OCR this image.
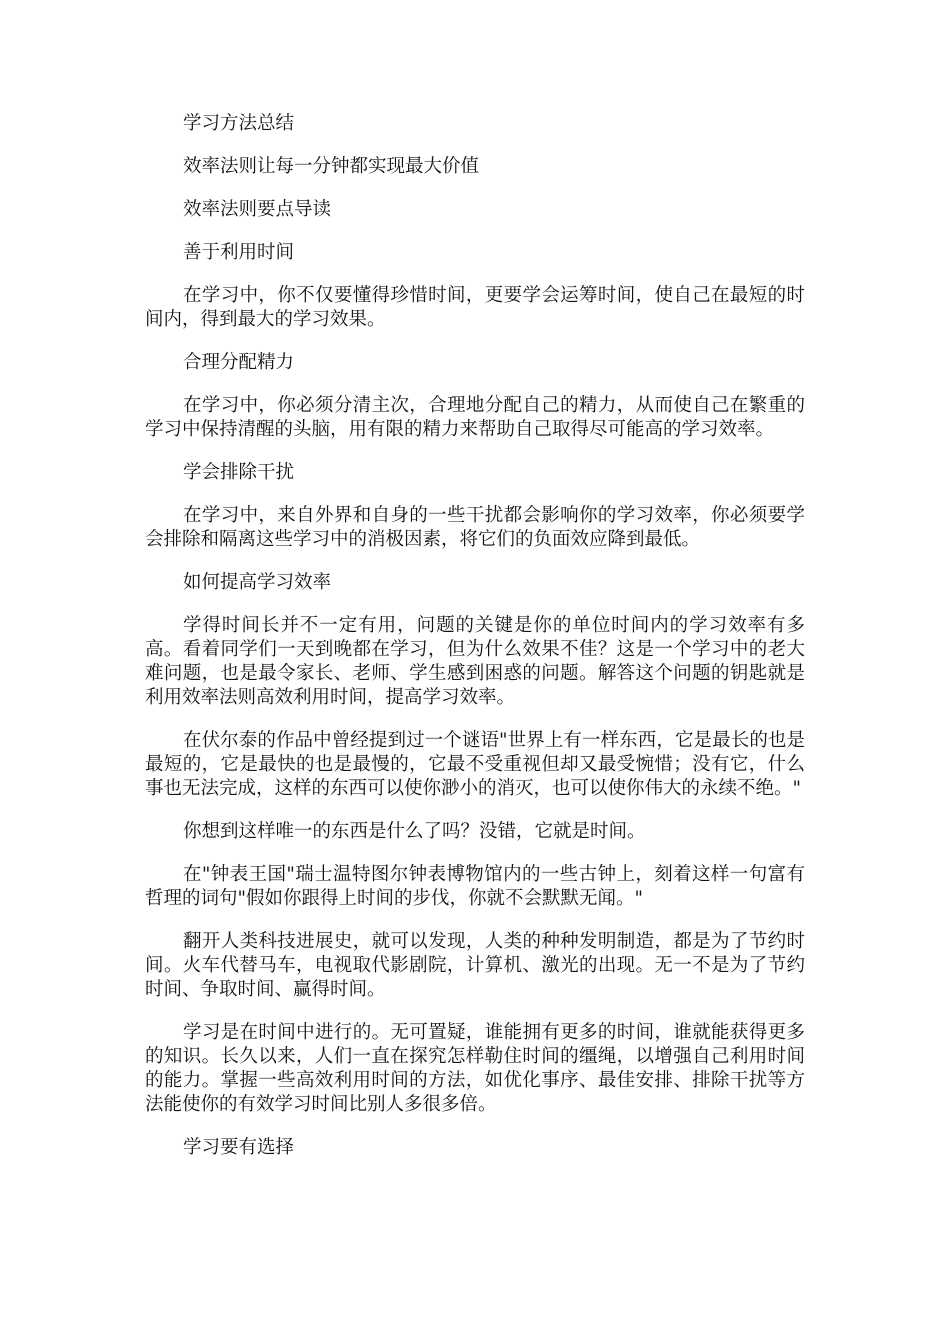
学习方法总结

效率法则让每一分钟都实现最大价值

效率法则要点导读

善于利用时间

在学习中，你不仅要懂得珍惜时间，更要学会运筹时间，使自己在最短的时间内，得到最大的学习效果。

合理分配精力

在学习中，你必须分清主次，合理地分配自己的精力，从而使自己在繁重的学习中保持清醒的头脑，用有限的精力来帮助自己取得尽可能高的学习效率。

学会排除干扰

在学习中，来自外界和自身的一些干扰都会影响你的学习效率，你必须要学会排除和隔离这些学习中的消极因素，将它们的负面效应降到最低。

如何提高学习效率

学得时间长并不一定有用，问题的关键是你的单位时间内的学习效率有多高。看着同学们一天到晚都在学习，但为什么效果不佳？这是一个学习中的老大难问题，也是最令家长、老师、学生感到困惑的问题。解答这个问题的钥匙就是利用效率法则高效利用时间，提高学习效率。

在伏尔泰的作品中曾经提到过一个谜语"世界上有一样东西，它是最长的也是最短的，它是最快的也是最慢的，它最不受重视但却又最受惋惜；没有它，什么事也无法完成，这样的东西可以使你渺小的消灭，也可以使你伟大的永续不绝。"

你想到这样唯一的东西是什么了吗？没错，它就是时间。

在"钟表王国"瑞士温特图尔钟表博物馆内的一些古钟上，刻着这样一句富有哲理的词句"假如你跟得上时间的步伐，你就不会默默无闻。"

翻开人类科技进展史，就可以发现，人类的种种发明制造，都是为了节约时间。火车代替马车，电视取代影剧院，计算机、激光的出现。无一不是为了节约时间、争取时间、赢得时间。

学习是在时间中进行的。无可置疑，谁能拥有更多的时间，谁就能获得更多的知识。长久以来，人们一直在探究怎样勒住时间的缰绳，以增强自己利用时间的能力。掌握一些高效利用时间的方法，如优化事序、最佳安排、排除干扰等方法能使你的有效学习时间比别人多很多倍。

学习要有选择
